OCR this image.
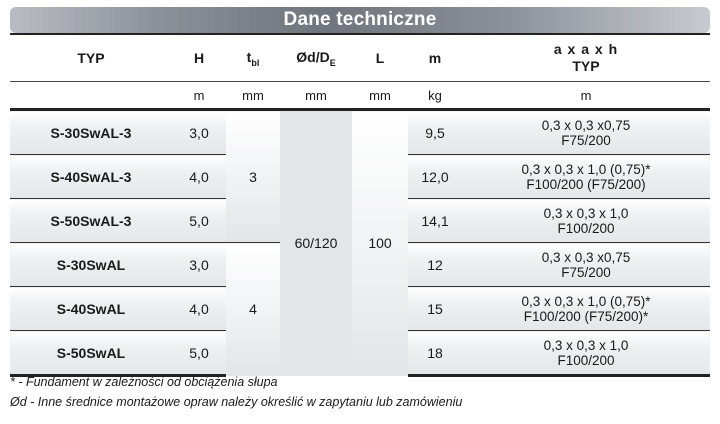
Dane techniczne
TYP	H	$t_{bl}$	$Ød/D_E$	L	m	a x a x h
TYP

	m	mm	mm	mm	kg	m
S-30SwAL-3	3,0	3	60/120	100	9,5	0,3 x 0,3 x0,75
F75/200

S-40SwAL-3	4,0				12,0	0,3 x 0,3 x 1,0 (0,75)*
F100/200 (F75/200)

S-50SwAL-3	5,0				14,1	0,3 x 0,3 x 1,0
F100/200

S-30SwAL	3,0	4			12	0,3 x 0,3 x0,75
F75/200

S-40SwAL	4,0				15	0,3 x 0,3 x 1,0 (0,75)*
F100/200 (F75/200)*

S-50SwAL	5,0				18	0,3 x 0,3 x 1,0
F100/200
* - Fundament w zależności od obciążenia słupa
Ød - Inne średnice montażowe opraw należy określić w zapytaniu lub zamówieniu
